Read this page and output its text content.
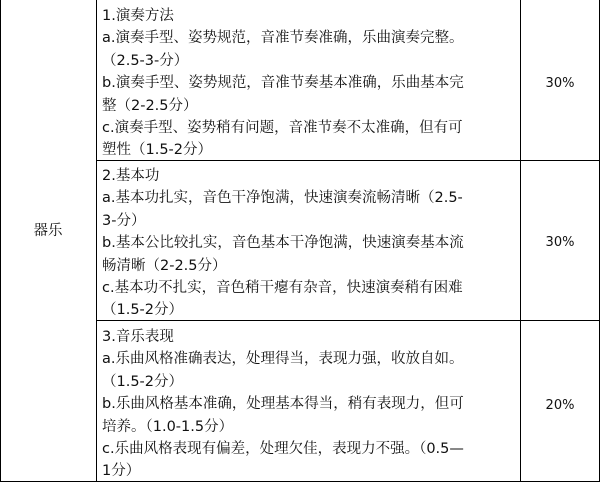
器乐
1.演奏方法
a.演奏手型、姿势规范，音准节奏准确，乐曲演奏完整。
（2.5-3-分）
b.演奏手型、姿势规范，音准节奏基本准确，乐曲基本完
整（2-2.5分）
c.演奏手型、姿势稍有问题，音准节奏不太准确，但有可
塑性（1.5-2分）
30%
2.基本功
a.基本功扎实，音色干净饱满，快速演奏流畅清晰（2.5-
3-分）
b.基本公比较扎实，音色基本干净饱满，快速演奏基本流
畅清晰（2-2.5分）
c.基本功不扎实，音色稍干瘪有杂音，快速演奏稍有困难
（1.5-2分）
30%
3.音乐表现
a.乐曲风格准确表达，处理得当，表现力强，收放自如。
（1.5-2分）
b.乐曲风格基本准确，处理基本得当，稍有表现力，但可
培养。（1.0-1.5分）
c.乐曲风格表现有偏差，处理欠佳，表现力不强。（0.5—
1分）
20%
